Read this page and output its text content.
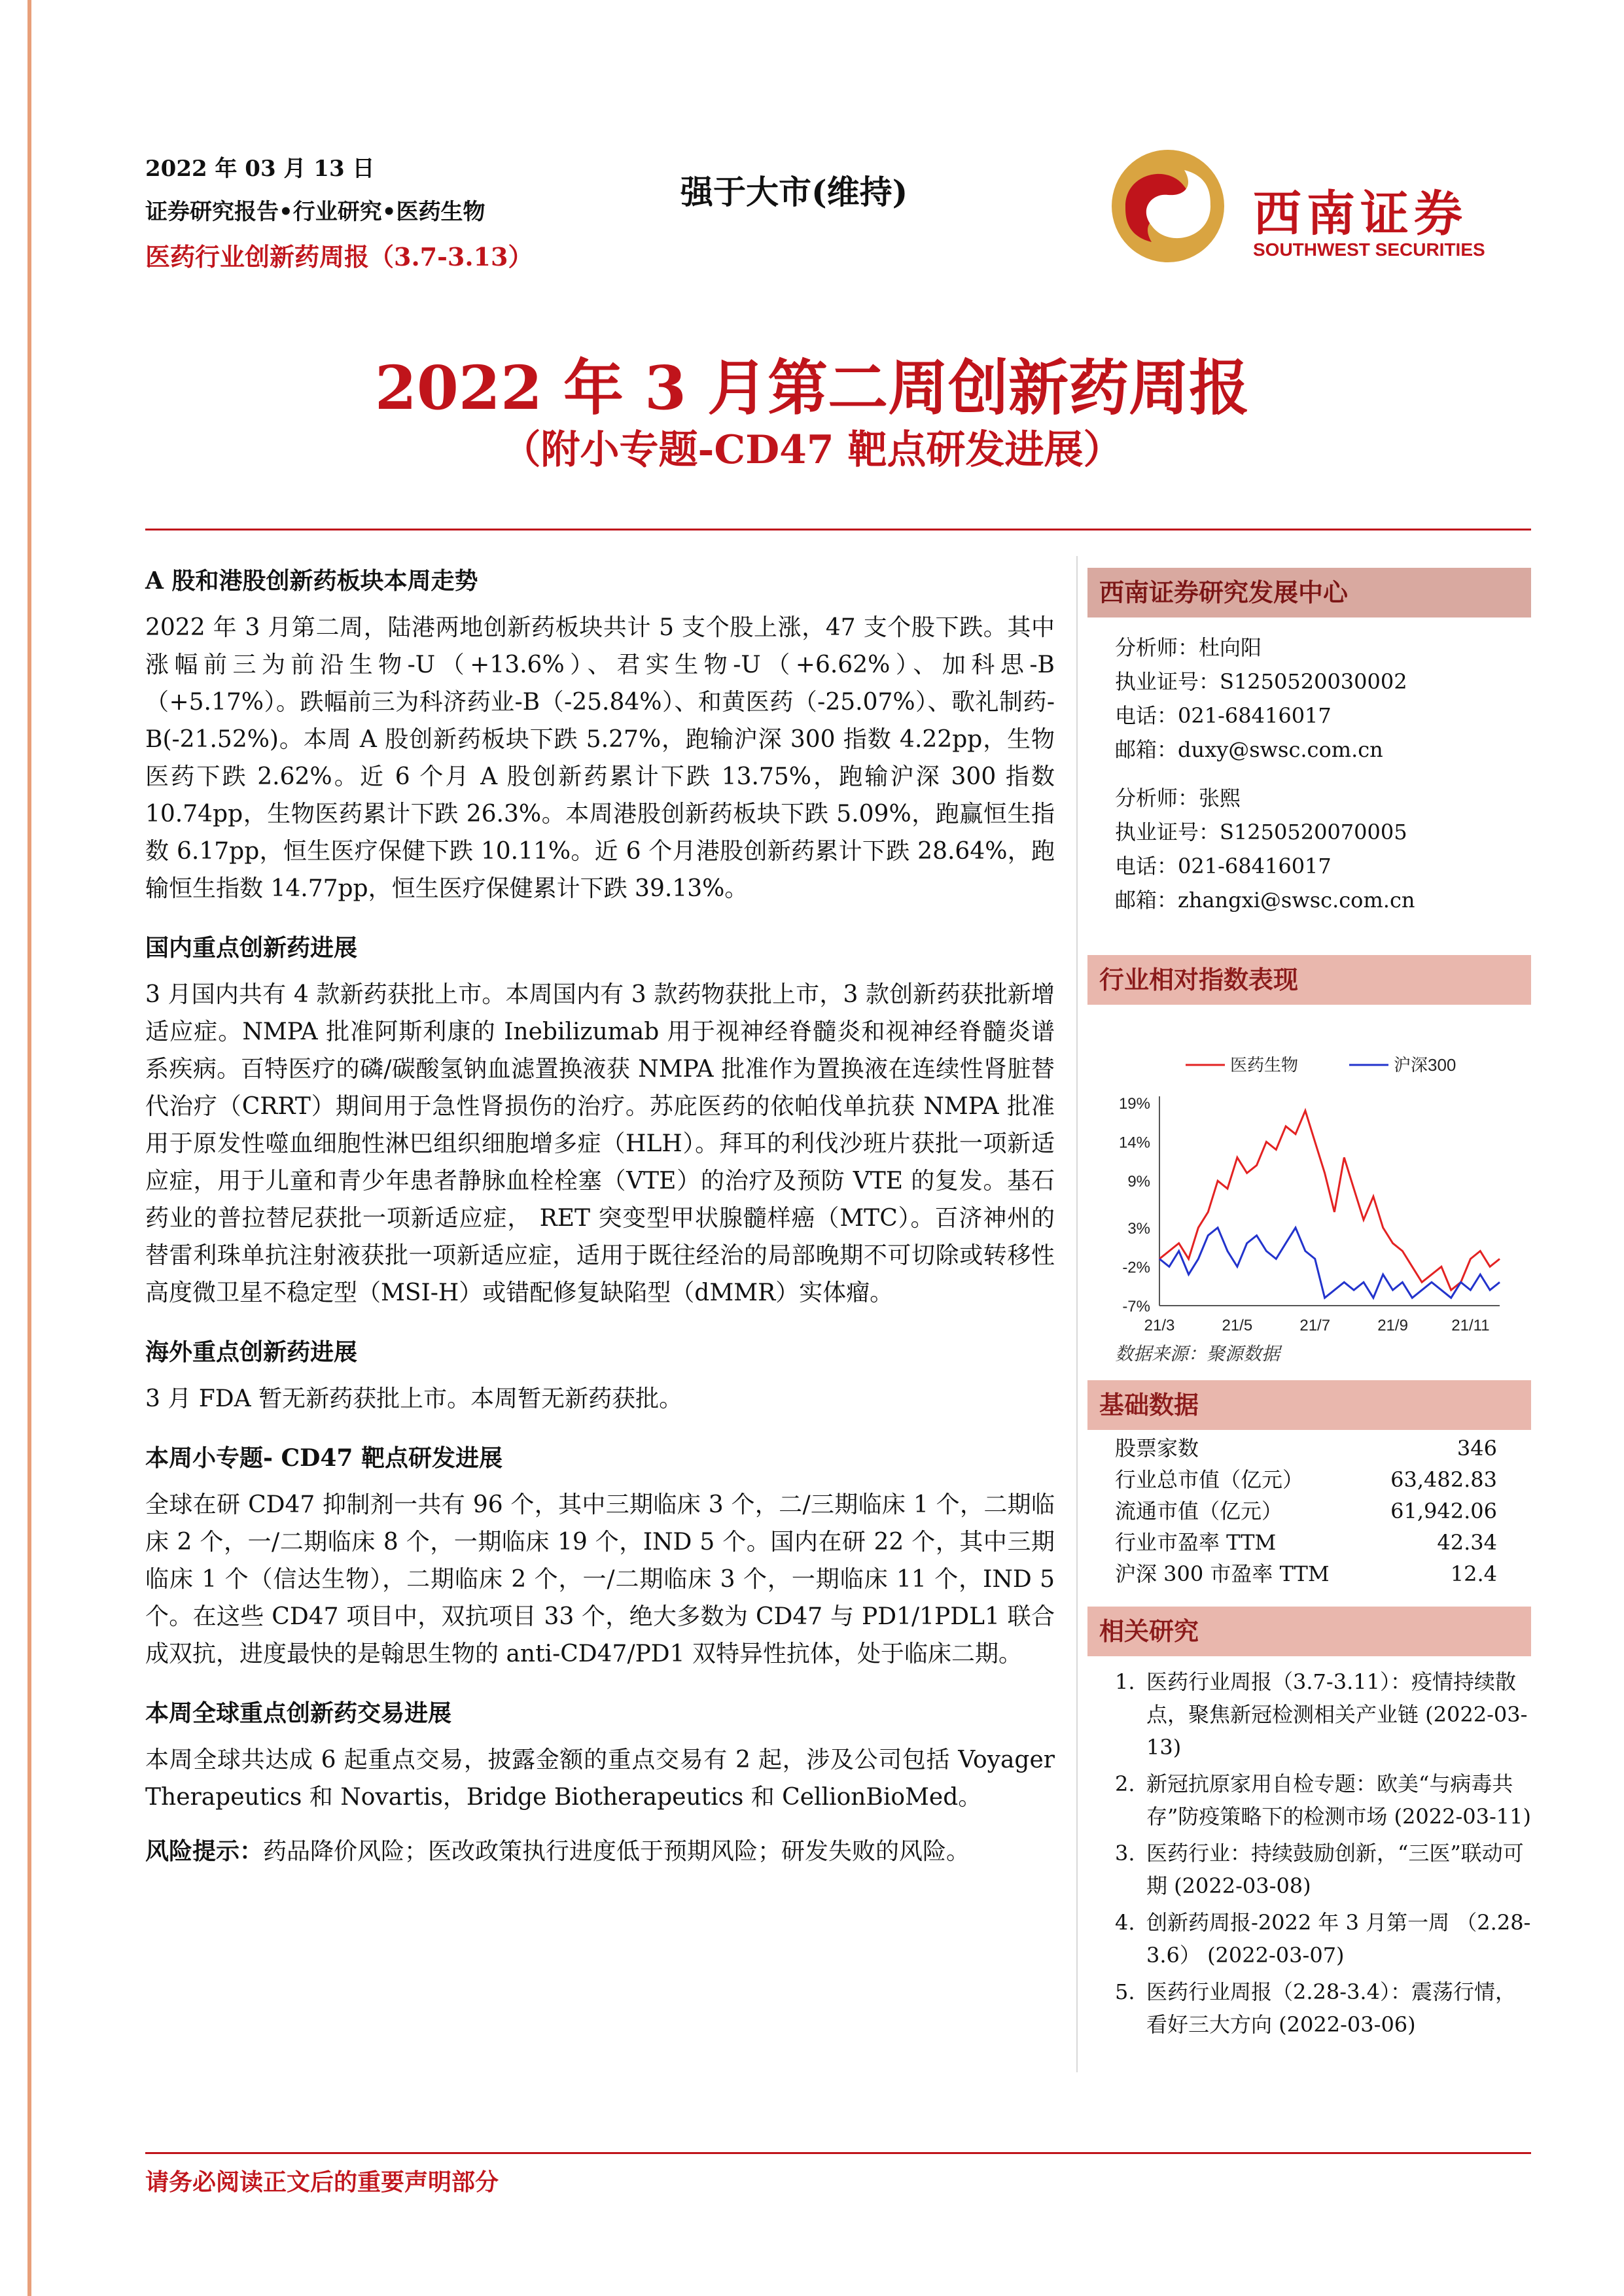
2022 年 03 月 13 日
证券研究报告•行业研究•医药生物
医药行业创新药周报（3.7-3.13）
强于大市(维持)	西南证券
SOUTHWEST SECURITIES
2022 年 3 月第二周创新药周报
（附小专题-CD47 靶点研发进展）

A 股和港股创新药板块本周走势

2022 年 3 月第二周，陆港两地创新药板块共计 5 支个股上涨，47 支个股下跌。其中涨幅前三为前沿生物-U（+13.6%）、君实生物-U（+6.62%）、加科思-B（+5.17%）。跌幅前三为科济药业-B（-25.84%）、和黄医药（-25.07%）、歌礼制药-B(-21.52%)。本周 A 股创新药板块下跌 5.27%，跑输沪深 300 指数 4.22pp，生物医药下跌 2.62%。近 6 个月 A 股创新药累计下跌 13.75%，跑输沪深 300 指数 10.74pp，生物医药累计下跌 26.3%。本周港股创新药板块下跌 5.09%，跑赢恒生指数 6.17pp，恒生医疗保健下跌 10.11%。近 6 个月港股创新药累计下跌 28.64%，跑输恒生指数 14.77pp，恒生医疗保健累计下跌 39.13%。

国内重点创新药进展

3 月国内共有 4 款新药获批上市。本周国内有 3 款药物获批上市，3 款创新药获批新增适应症。NMPA 批准阿斯利康的 Inebilizumab 用于视神经脊髓炎和视神经脊髓炎谱系疾病。百特医疗的磷/碳酸氢钠血滤置换液获 NMPA 批准作为置换液在连续性肾脏替代治疗（CRRT）期间用于急性肾损伤的治疗。苏庇医药的依帕伐单抗获 NMPA 批准用于原发性噬血细胞性淋巴组织细胞增多症（HLH）。拜耳的利伐沙班片获批一项新适应症，用于儿童和青少年患者静脉血栓栓塞（VTE）的治疗及预防 VTE 的复发。基石药业的普拉替尼获批一项新适应症， RET 突变型甲状腺髓样癌（MTC）。百济神州的替雷利珠单抗注射液获批一项新适应症，适用于既往经治的局部晚期不可切除或转移性高度微卫星不稳定型（MSI-H）或错配修复缺陷型（dMMR）实体瘤。

海外重点创新药进展

3 月 FDA 暂无新药获批上市。本周暂无新药获批。

本周小专题- CD47 靶点研发进展

全球在研 CD47 抑制剂一共有 96 个，其中三期临床 3 个，二/三期临床 1 个，二期临床 2 个，一/二期临床 8 个，一期临床 19 个，IND 5 个。国内在研 22 个，其中三期临床 1 个（信达生物），二期临床 2 个，一/二期临床 3 个，一期临床 11 个，IND 5 个。在这些 CD47 项目中，双抗项目 33 个，绝大多数为 CD47 与 PD1/1PDL1 联合成双抗，进度最快的是翰思生物的 anti-CD47/PD1 双特异性抗体，处于临床二期。

本周全球重点创新药交易进展

本周全球共达成 6 起重点交易，披露金额的重点交易有 2 起，涉及公司包括 Voyager Therapeutics 和 Novartis，Bridge Biotherapeutics 和 CellionBioMed。

风险提示：药品降价风险；医改政策执行进度低于预期风险；研发失败的风险。

西南证券研究发展中心
分析师：杜向阳
执业证号：S1250520030002
电话：021-68416017
邮箱：duxy@swsc.com.cn
分析师：张熙
执业证号：S1250520070005
电话：021-68416017
邮箱：zhangxi@swsc.com.cn
行业相对指数表现
19%
14%
9%
3%
-2%
-7%
21/3	21/5	21/7	21/9	21/11
医药生物	沪深300
数据来源：聚源数据
基础数据
股票家数	346
行业总市值（亿元）	63,482.83
流通市值（亿元）	61,942.06
行业市盈率 TTM	42.34
沪深 300 市盈率 TTM	12.4
相关研究
1. 医药行业周报（3.7-3.11）：疫情持续散点，聚焦新冠检测相关产业链 (2022-03-13)
2. 新冠抗原家用自检专题：欧美“与病毒共存”防疫策略下的检测市场 (2022-03-11)
3. 医药行业：持续鼓励创新，“三医”联动可期 (2022-03-08)
4. 创新药周报-2022 年 3 月第一周 （2.28-3.6） (2022-03-07)
5. 医药行业周报（2.28-3.4）：震荡行情，看好三大方向 (2022-03-06)
请务必阅读正文后的重要声明部分
